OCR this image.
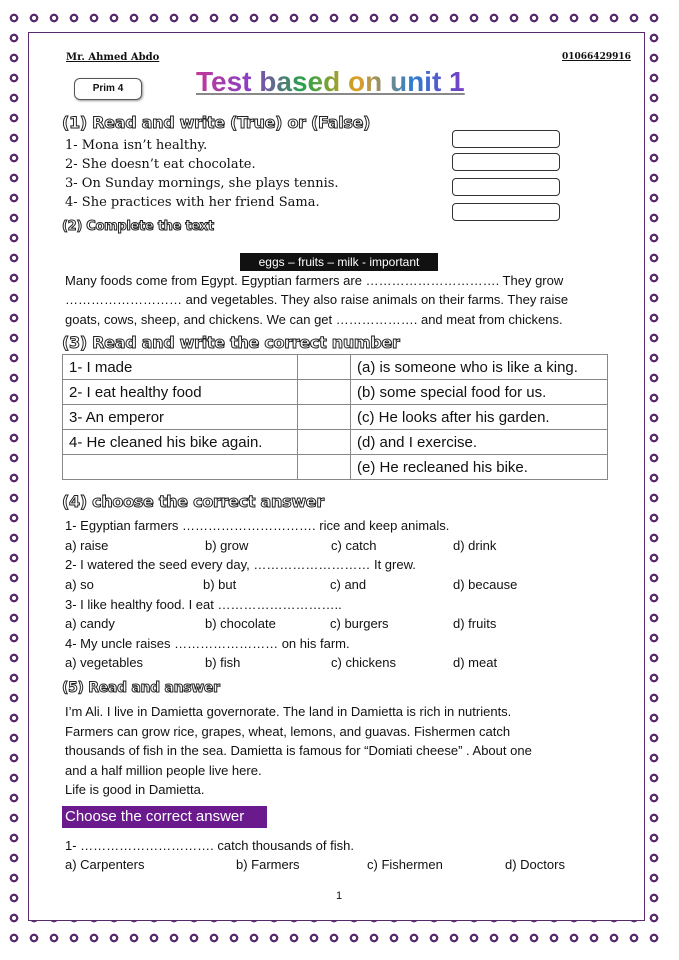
Mr. Ahmed Abdo	01066429916
Prim 4	Test based on unit 1
(1) Read and write (True) or (False)
1- Mona isn’t healthy.
2- She doesn’t eat chocolate.
3- On Sunday mornings, she plays tennis.
4- She practices with her friend Sama.
(2) Complete the text
eggs – fruits – milk - important
Many foods come from Egypt. Egyptian farmers are …………………………. They grow
……………………… and vegetables. They also raise animals on their farms. They raise
goats, cows, sheep, and chickens. We can get ………………. and meat from chickens.
(3) Read and write the correct number
1- I made		(a) is someone who is like a king.
2- I eat healthy food		(b) some special food for us.
3- An emperor		(c) He looks after his garden.
4- He cleaned his bike again.		(d) and I exercise.
		(e) He recleaned his bike.
(4) choose the correct answer
1- Egyptian farmers …………………………. rice and keep animals.
a) raise	b) grow	c) catch	d) drink
2- I watered the seed every day, ……………………… It grew.
a) so	b) but	c) and	d) because
3- I like healthy food. I eat ………………………..
a) candy	b) chocolate	c) burgers	d) fruits
4- My uncle raises …………………… on his farm.
a) vegetables	b) fish	c) chickens	d) meat
(5) Read and answer
I’m Ali. I live in Damietta governorate. The land in Damietta is rich in nutrients.
Farmers can grow rice, grapes, wheat, lemons, and guavas. Fishermen catch
thousands of fish in the sea. Damietta is famous for “Domiati cheese” . About one
and a half million people live here.
Life is good in Damietta.
Choose the correct answer
1- …………………………. catch thousands of fish.
a) Carpenters	b) Farmers	c) Fishermen	d) Doctors
1
